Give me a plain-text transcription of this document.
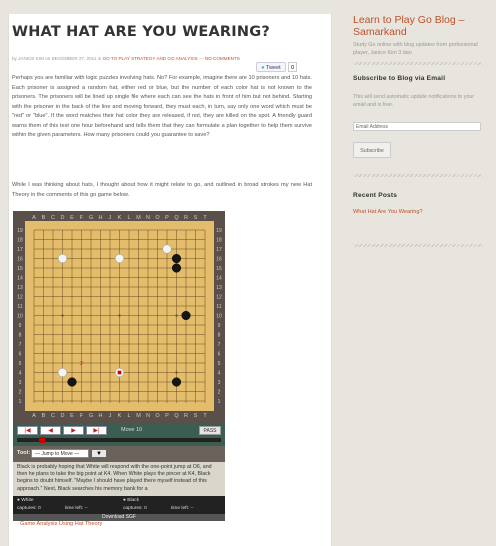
WHAT HAT ARE YOU WEARING?
by JANICE KIM on DECEMBER 27, 2011 in GO TO PLAY STRATEGY AND GO ANALYSIS — NO COMMENTS
● Tweet	0
Perhaps you are familiar with logic puzzles involving hats. No? For example, imagine there are 10 prisoners and 10 hats. Each prisoner is assigned a random hat, either red or blue, but the number of each color hat is not known to the prisoners. The prisoners will be lined up single file where each can see the hats in front of him but not behind. Starting with the prisoner in the back of the line and moving forward, they must each, in turn, say only one word which must be "red" or "blue". If the word matches their hat color they are released, if not, they are killed on the spot. A friendly guard warns them of this test one hour beforehand and tells them that they can formulate a plan together to help them survive within the given parameters. How many prisoners could you guarantee to save?
While I was thinking about hats, I thought about how it might relate to go, and outlined in broad strokes my new Hat Theory in the comments of this go game below.
A
A
B
B
C
C
D
D
E
E
F
F
G
G
H
H
J
J
K
K
L
L
M
M
N
N
O
O
P
P
Q
Q
R
R
S
S
T
T
19	19
18	18
17	17
16	16
15	15
14	14
13	13
12	12
11	11
10	10
9	9
8	8
7	7
6	6
5	5
4	4
3	3
2	2
1	1
2
|◀	◀	▶	▶|	Move 10	PASS
Tool: — Jump to Move —	▼
Black is probably hoping that White will respond with the one-point jump at O6, and then he plans to take the big point at K4. When White plays the pincer at K4, Black begins to doubt himself. "Maybe I should have played there myself instead of this approach." Next, Black searches his memory bank for a
● White
captures: 0	time left: --
● Black
captures: 0	time left: --
Download SGF
Game Analysis Using Hat Theory
Learn to Play Go Blog – Samarkand
Study Go online with blog updates from professional player, Janice Kim 3 dan
Subscribe to Blog via Email
This will send automatic update notifications to your email and is free.
Email Address
Subscribe
Recent Posts
What Hat Are You Wearing?
